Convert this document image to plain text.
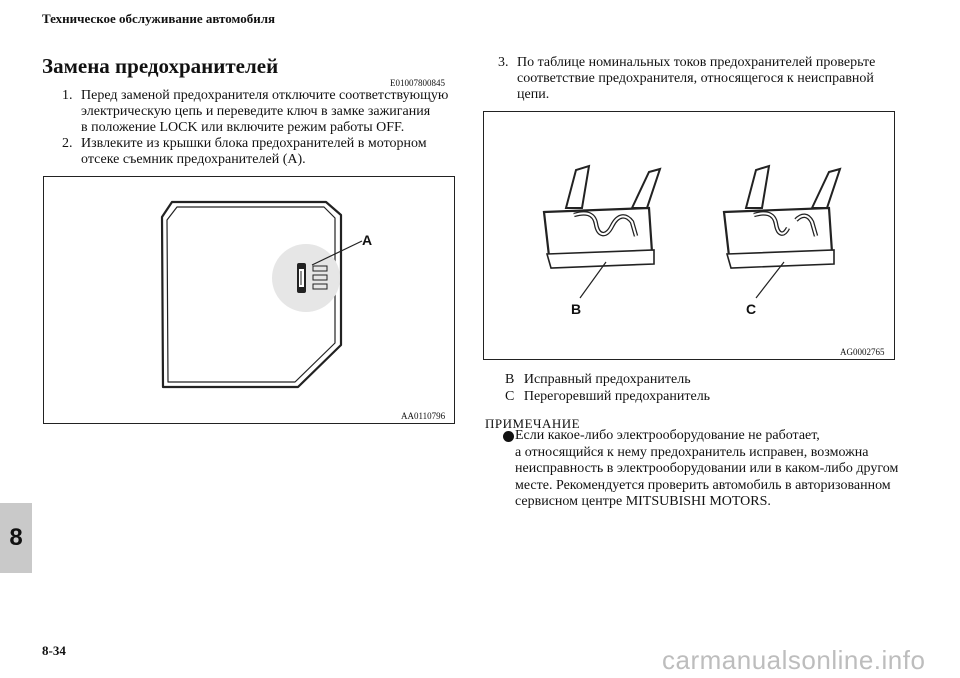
Техническое обслуживание автомобиля
Замена предохранителей
E01007800845
1. Перед заменой предохранителя отключите соответствующую
электрическую цепь и переведите ключ в замке зажигания
в положение LOCK или включите режим работы OFF.
2. Извлеките из крышки блока предохранителей в моторном
отсеке съемник предохранителей (A).
A
AA0110796
3. По таблице номинальных токов предохранителей проверьте
соответствие предохранителя, относящегося к неисправной
цепи.
B	C
AG0002765
B Исправный предохранитель
C Перегоревший предохранитель
ПРИМЕЧАНИЕ
Если какое-либо электрооборудование не работает,
а относящийся к нему предохранитель исправен, возможна
неисправность в электрооборудовании или в каком-либо другом
месте. Рекомендуется проверить автомобиль в авторизованном
сервисном центре MITSUBISHI MOTORS.
8
8-34	carmanualsonline.info
